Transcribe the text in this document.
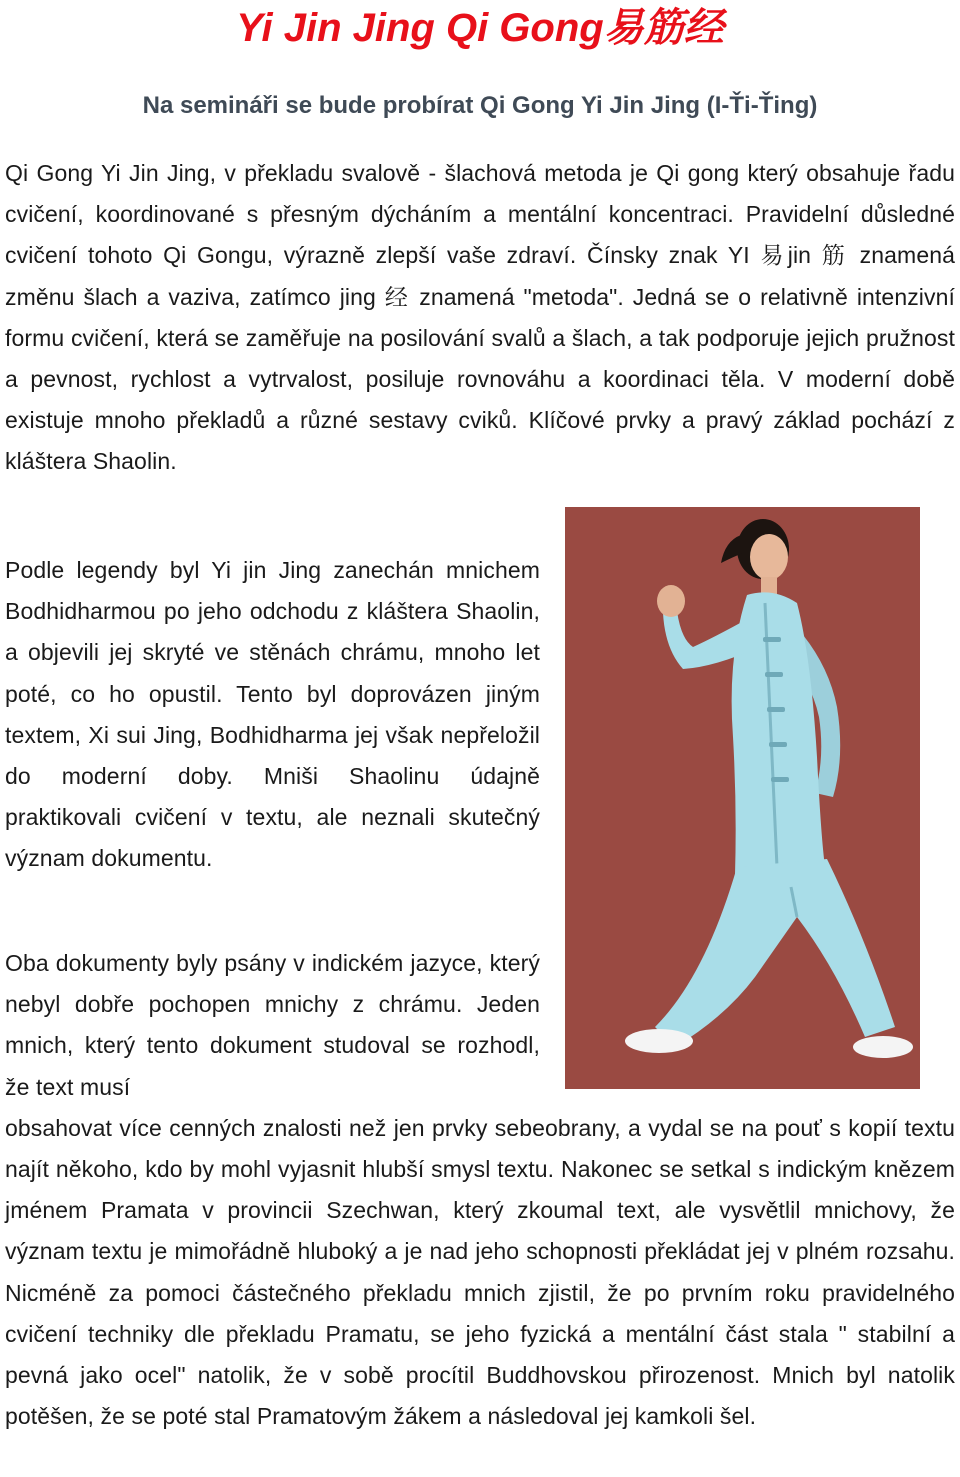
Yi Jin Jing Qi Gong易筋经
Na semináři se bude probírat Qi Gong Yi Jin Jing (I-Ťi-Ťing)

Qi Gong Yi Jin Jing, v překladu svalově - šlachová metoda je Qi gong který obsahuje řadu cvičení, koordinované s přesným dýcháním a mentální koncentraci. Pravidelní důsledné cvičení tohoto Qi Gongu, výrazně zlepší vaše zdraví. Čínsky znak YI 易jin 筋 znamená změnu šlach a vaziva, zatímco jing 经 znamená "metoda". Jedná se o relativně intenzivní formu cvičení, která se zaměřuje na posilování svalů a šlach, a tak podporuje jejich pružnost a pevnost, rychlost a vytrvalost, posiluje rovnováhu a koordinaci těla. V moderní době existuje mnoho překladů a různé sestavy cviků. Klíčové prvky a pravý základ pochází z kláštera Shaolin.

Podle legendy byl Yi jin Jing zanechán mnichem Bodhidharmou po jeho odchodu z kláštera Shaolin, a objevili jej skryté ve stěnách chrámu, mnoho let poté, co ho opustil. Tento byl doprovázen jiným textem, Xi sui Jing, Bodhidharma jej však nepřeložil do moderní doby. Mniši Shaolinu údajně praktikovali cvičení v textu, ale neznali skutečný význam dokumentu.

Oba dokumenty byly psány v indickém jazyce, který nebyl dobře pochopen mnichy z chrámu. Jeden mnich, který tento dokument studoval se rozhodl, že text musí
obsahovat více cenných znalosti než jen prvky sebeobrany, a vydal se na pouť s kopií textu najít někoho, kdo by mohl vyjasnit hlubší smysl textu. Nakonec se setkal s indickým knězem jménem Pramata v provincii Szechwan, který zkoumal text, ale vysvětlil mnichovy, že význam textu je mimořádně hluboký a je nad jeho schopnosti překládat jej v plném rozsahu. Nicméně za pomoci částečného překladu mnich zjistil, že po prvním roku pravidelného cvičení techniky dle překladu Pramatu, se jeho fyzická a mentální část stala " stabilní a pevná jako ocel" natolik, že v sobě procítil Buddhovskou přirozenost. Mnich byl natolik potěšen, že se poté stal Pramatovým žákem a následoval jej kamkoli šel.
